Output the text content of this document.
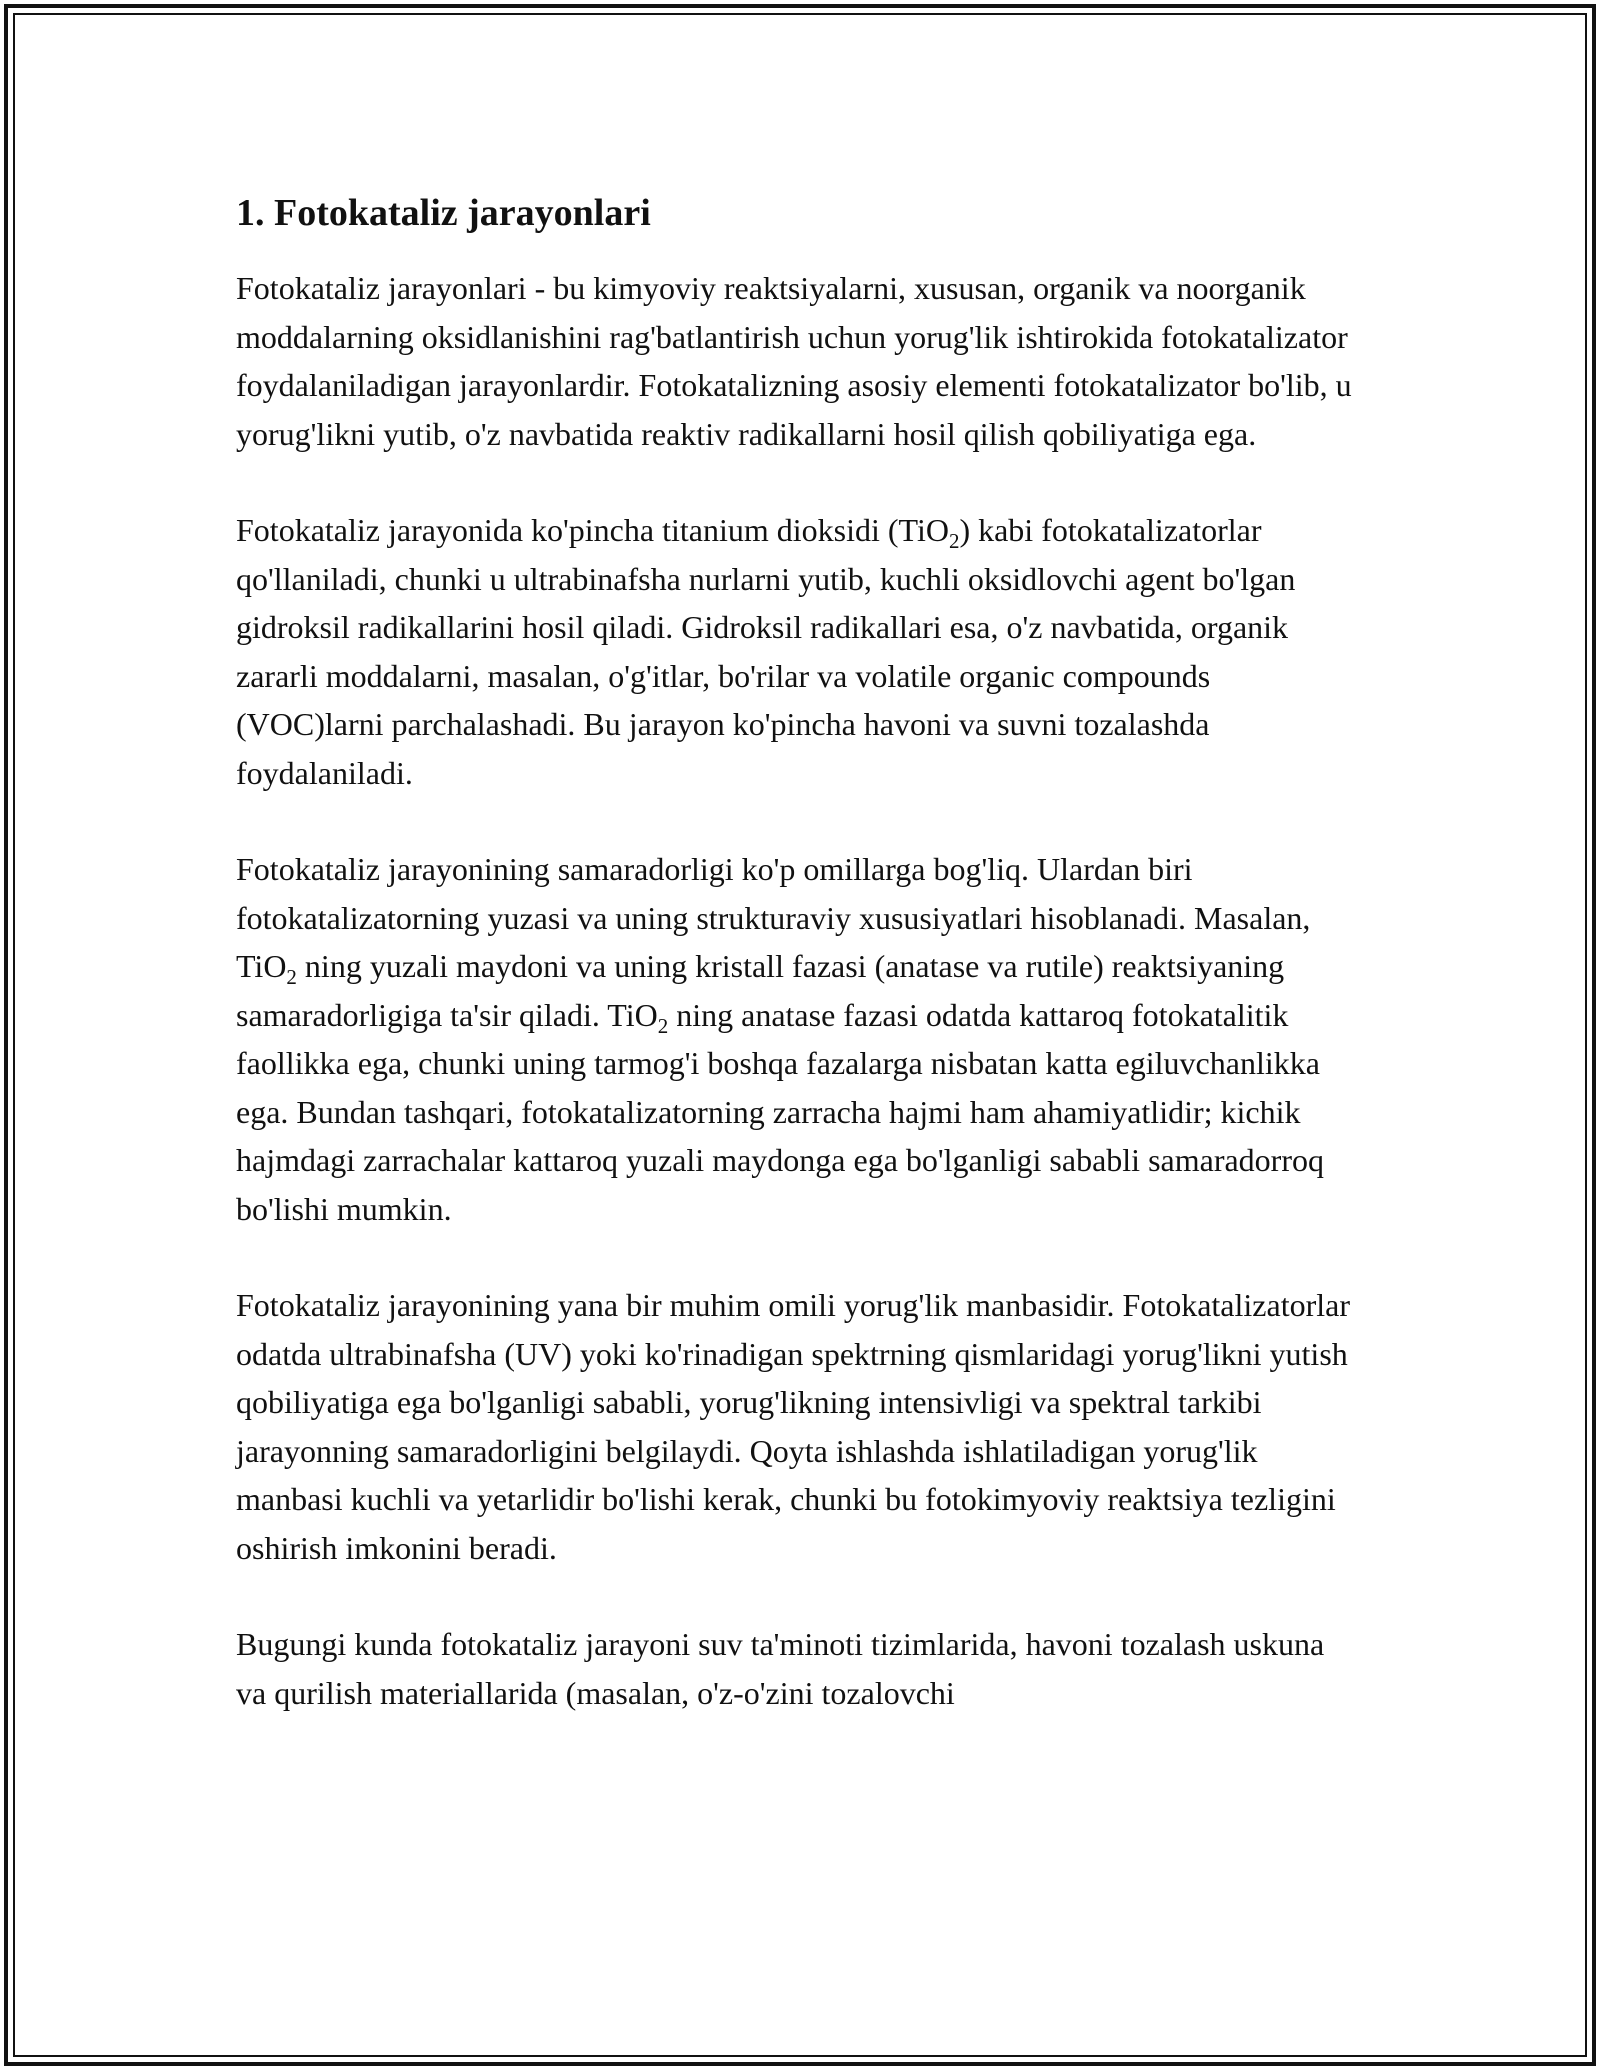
1. Fotokataliz jarayonlari

Fotokataliz jarayonlari - bu kimyoviy reaktsiyalarni, xususan, organik va noorganik moddalarning oksidlanishini rag'batlantirish uchun yorug'lik ishtirokida fotokatalizator foydalaniladigan jarayonlardir. Fotokatalizning asosiy elementi fotokatalizator bo'lib, u yorug'likni yutib, o'z navbatida reaktiv radikallarni hosil qilish qobiliyatiga ega.

Fotokataliz jarayonida ko'pincha titanium dioksidi (TiO$_2$) kabi fotokatalizatorlar qo'llaniladi, chunki u ultrabinafsha nurlarni yutib, kuchli oksidlovchi agent bo'lgan gidroksil radikallarini hosil qiladi. Gidroksil radikallari esa, o'z navbatida, organik zararli moddalarni, masalan, o'g'itlar, bo'rilar va volatile organic compounds (VOC)larni parchalashadi. Bu jarayon ko'pincha havoni va suvni tozalashda foydalaniladi.

Fotokataliz jarayonining samaradorligi ko'p omillarga bog'liq. Ulardan biri fotokatalizatorning yuzasi va uning strukturaviy xususiyatlari hisoblanadi. Masalan, TiO$_2$ ning yuzali maydoni va uning kristall fazasi (anatase va rutile) reaktsiyaning samaradorligiga ta'sir qiladi. TiO$_2$ ning anatase fazasi odatda kattaroq fotokatalitik faollikka ega, chunki uning tarmog'i boshqa fazalarga nisbatan katta egiluvchanlikka ega. Bundan tashqari, fotokatalizatorning zarracha hajmi ham ahamiyatlidir; kichik hajmdagi zarrachalar kattaroq yuzali maydonga ega bo'lganligi sababli samaradorroq bo'lishi mumkin.

Fotokataliz jarayonining yana bir muhim omili yorug'lik manbasidir. Fotokatalizatorlar odatda ultrabinafsha (UV) yoki ko'rinadigan spektrning qismlaridagi yorug'likni yutish qobiliyatiga ega bo'lganligi sababli, yorug'likning intensivligi va spektral tarkibi jarayonning samaradorligini belgilaydi. Qoyta ishlashda ishlatiladigan yorug'lik manbasi kuchli va yetarlidir bo'lishi kerak, chunki bu fotokimyoviy reaktsiya tezligini oshirish imkonini beradi.

Bugungi kunda fotokataliz jarayoni suv ta'minoti tizimlarida, havoni tozalash uskuna va qurilish materiallarida (masalan, o'z-o'zini tozalovchi
